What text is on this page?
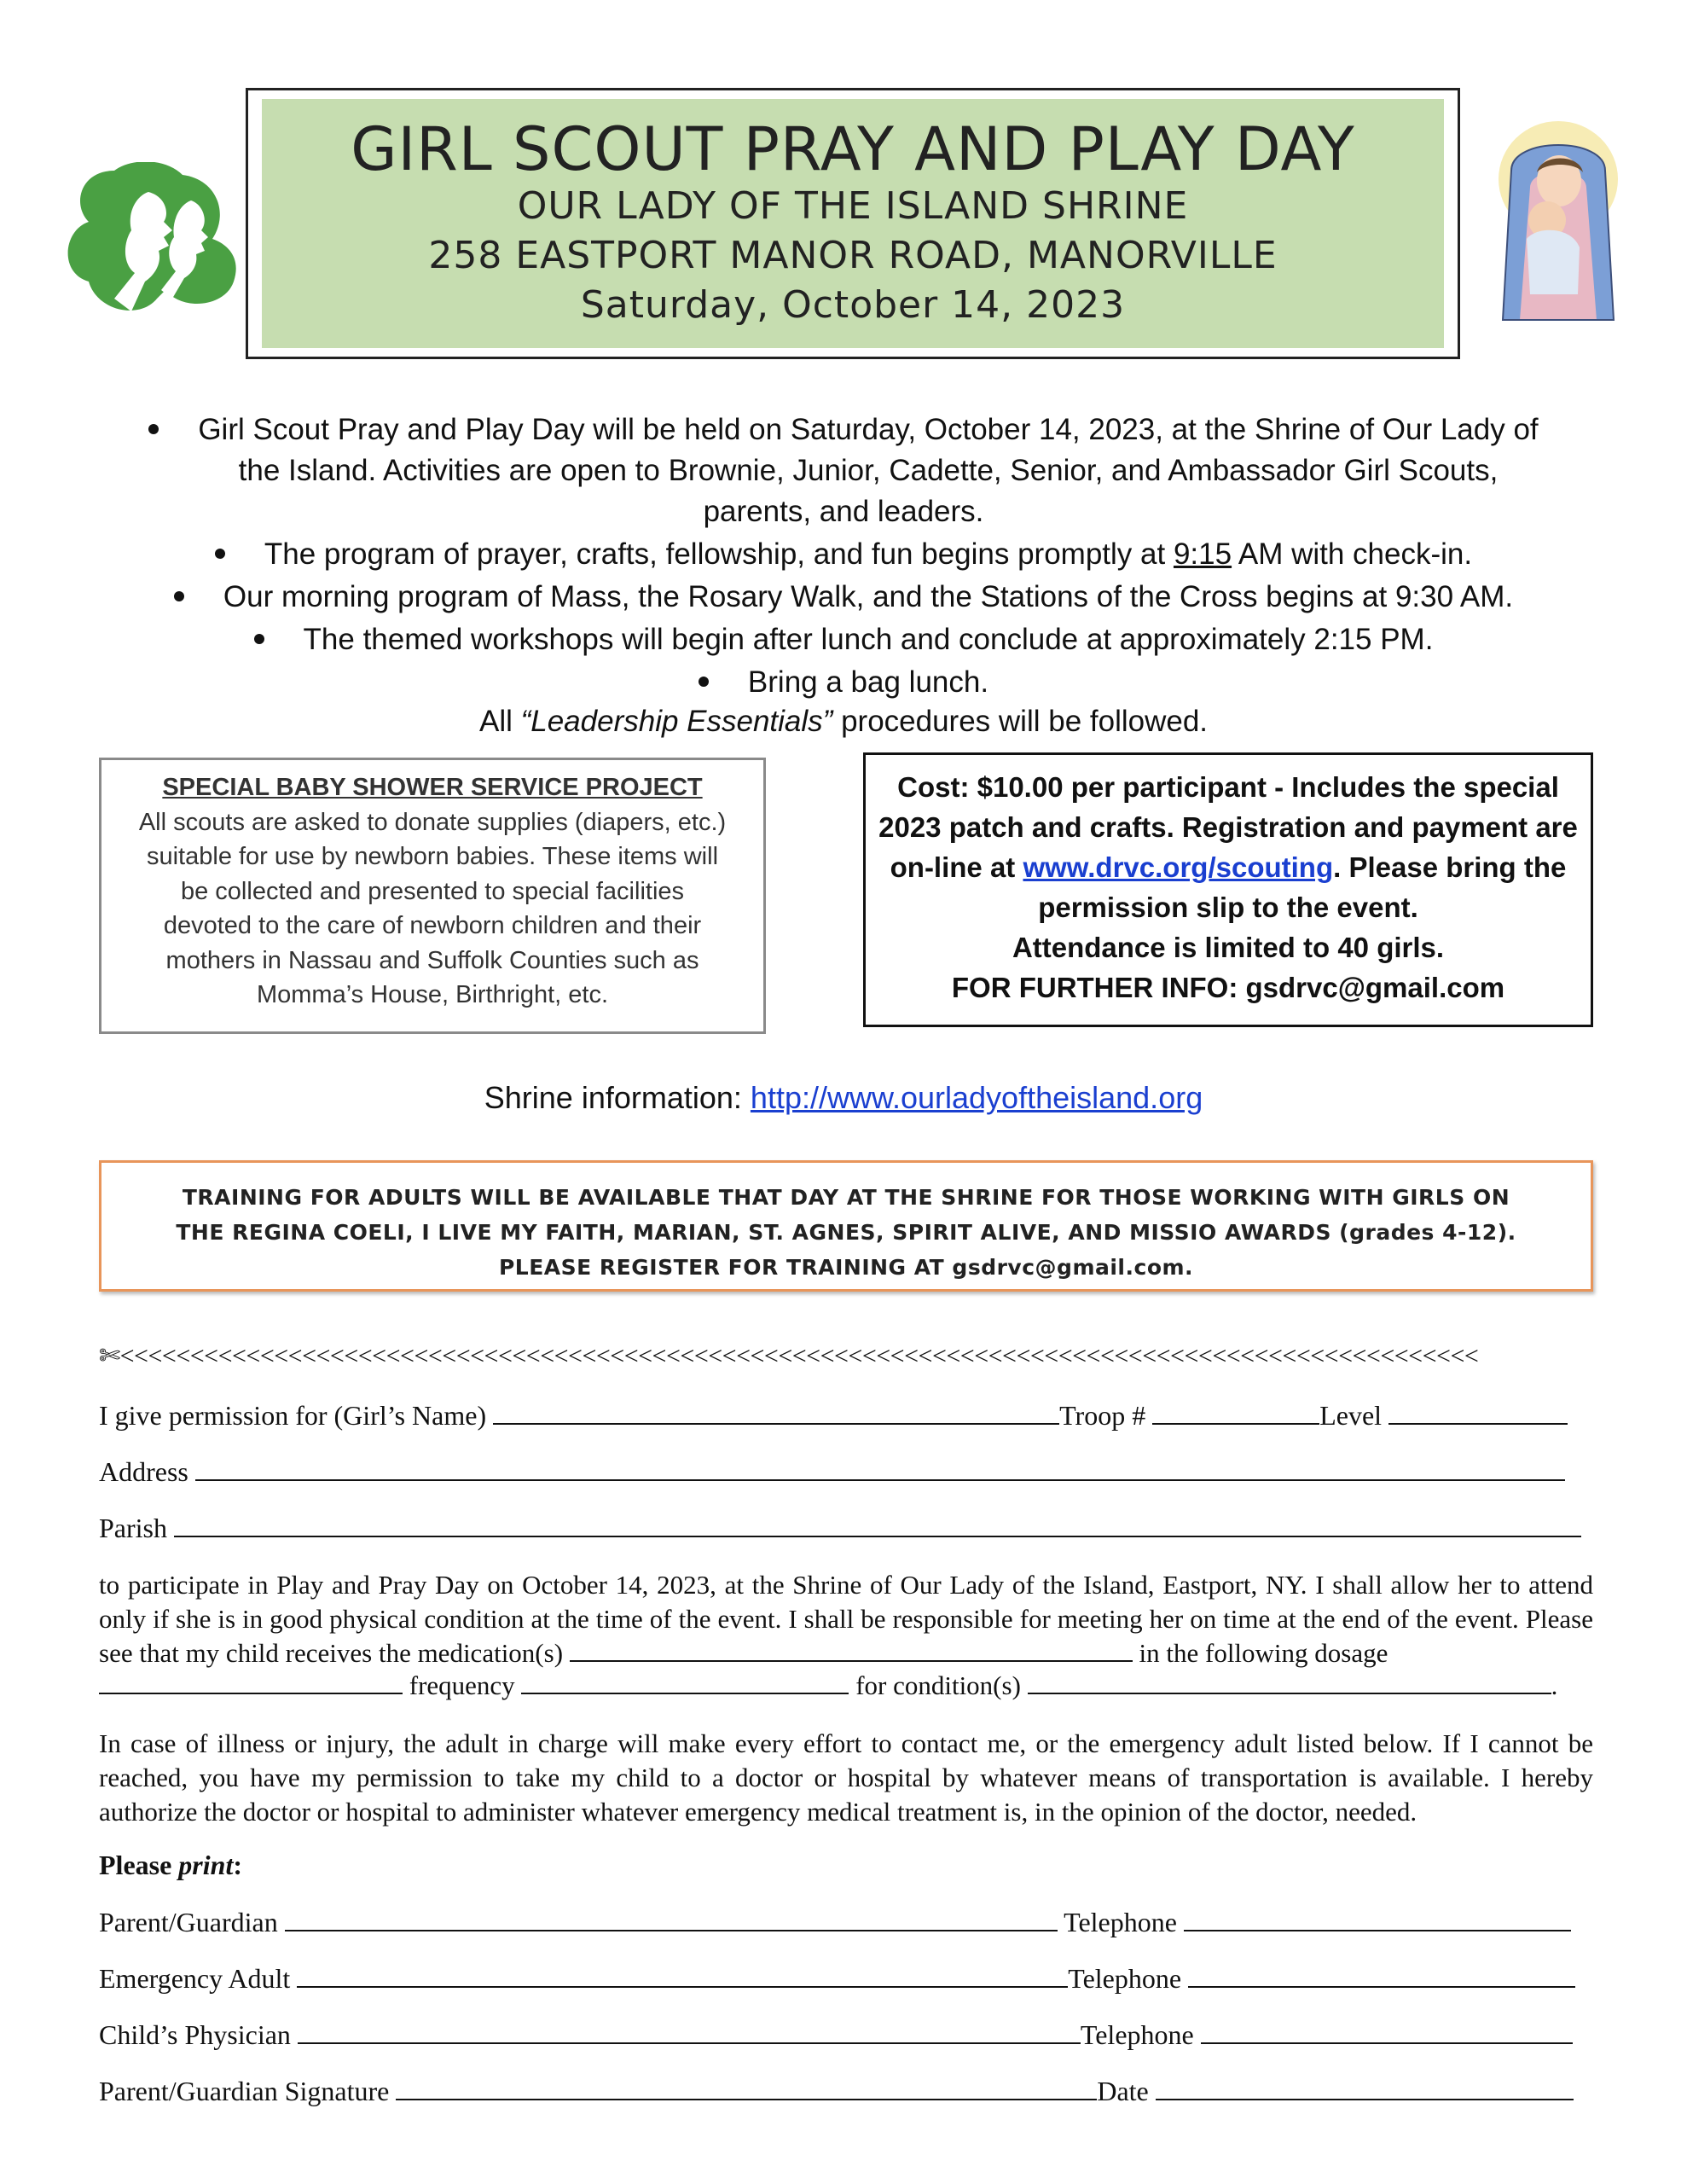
GIRL SCOUT PRAY AND PLAY DAY
OUR LADY OF THE ISLAND SHRINE
258 EASTPORT MANOR ROAD, MANORVILLE
Saturday, October 14, 2023
Girl Scout Pray and Play Day will be held on Saturday, October 14, 2023, at the Shrine of Our Lady of
the Island. Activities are open to Brownie, Junior, Cadette, Senior, and Ambassador Girl Scouts,
parents, and leaders.
The program of prayer, crafts, fellowship, and fun begins promptly at 9:15 AM with check-in.
Our morning program of Mass, the Rosary Walk, and the Stations of the Cross begins at 9:30 AM.
The themed workshops will begin after lunch and conclude at approximately 2:15 PM.
Bring a bag lunch.
All “Leadership Essentials” procedures will be followed.
SPECIAL BABY SHOWER SERVICE PROJECT
All scouts are asked to donate supplies (diapers, etc.)
suitable for use by newborn babies. These items will
be collected and presented to special facilities
devoted to the care of newborn children and their
mothers in Nassau and Suffolk Counties such as
Momma’s House, Birthright, etc.
Cost: $10.00 per participant - Includes the special
2023 patch and crafts. Registration and payment are
on-line at www.drvc.org/scouting. Please bring the
permission slip to the event.
Attendance is limited to 40 girls.
FOR FURTHER INFO: gsdrvc@gmail.com
Shrine information: http://www.ourladyoftheisland.org
TRAINING FOR ADULTS WILL BE AVAILABLE THAT DAY AT THE SHRINE FOR THOSE WORKING WITH GIRLS ON
THE REGINA COELI, I LIVE MY FAITH, MARIAN, ST. AGNES, SPIRIT ALIVE, AND MISSIO AWARDS (grades 4-12).
PLEASE REGISTER FOR TRAINING AT gsdrvc@gmail.com.
✄<<<<<<<<<<<<<<<<<<<<<<<<<<<<<<<<<<<<<<<<<<<<<<<<<<<<<<<<<<<<<<<<<<<<<<<<<<<<<<<<<<<<<<<<<<<<<<<<<
I give permission for (Girl’s Name)	Troop #	Level
Address
Parish
to participate in Play and Pray Day on October 14, 2023, at the Shrine of Our Lady of the Island, Eastport, NY. I shall allow her to attend only if she is in good physical condition at the time of the event. I shall be responsible for meeting her on time at the end of the event. Please see that my child receives the medication(s)	in the following dosage
frequency	for condition(s)	.
In case of illness or injury, the adult in charge will make every effort to contact me, or the emergency adult listed below. If I cannot be reached, you have my permission to take my child to a doctor or hospital by whatever means of transportation is available. I hereby authorize the doctor or hospital to administer whatever emergency medical treatment is, in the opinion of the doctor, needed.
Please print:
Parent/Guardian	Telephone
Emergency Adult	Telephone
Child’s Physician	Telephone
Parent/Guardian Signature	Date
